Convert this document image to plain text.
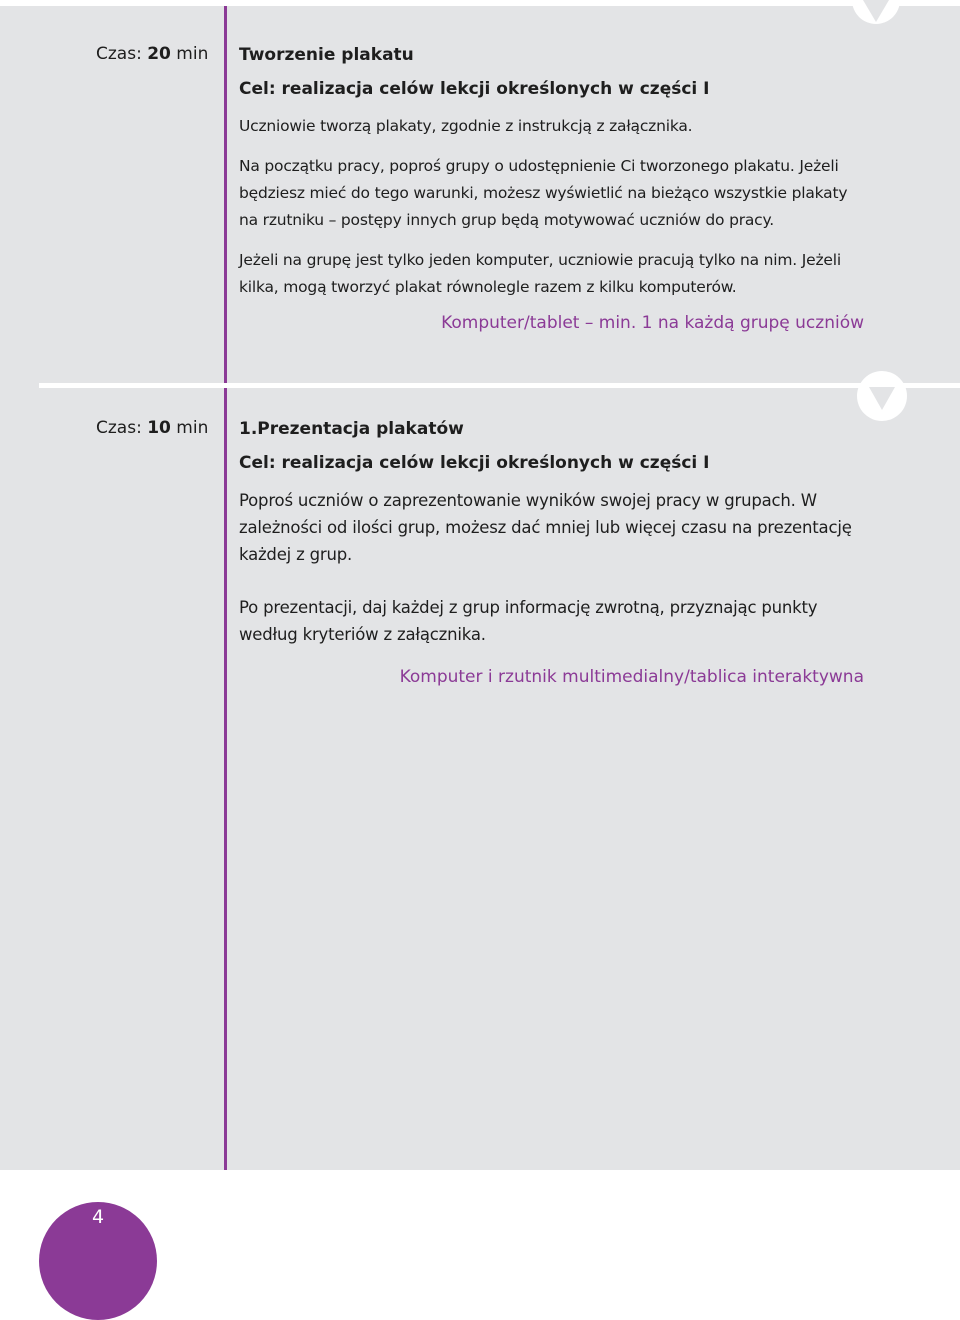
Czas: 20 min Tworzenie plakatu

Cel: realizacja celów lekcji określonych w części I

Uczniowie tworzą plakaty, zgodnie z instrukcją z załącznika.

Na początku pracy, poproś grupy o udostępnienie Ci tworzonego plakatu. Jeżeli będziesz mieć do tego warunki, możesz wyświetlić na bieżąco wszystkie plakaty na rzutniku – postępy innych grup będą motywować uczniów do pracy.

Jeżeli na grupę jest tylko jeden komputer, uczniowie pracują tylko na nim. Jeżeli kilka, mogą tworzyć plakat równolegle razem z kilku komputerów.

Komputer/tablet – min. 1 na każdą grupę uczniów

Czas: 10 min 1.Prezentacja plakatów

Cel: realizacja celów lekcji określonych w części I

Poproś uczniów o zaprezentowanie wyników swojej pracy w grupach. W zależności od ilości grup, możesz dać mniej lub więcej czasu na prezentację każdej z grup.

Po prezentacji, daj każdej z grup informację zwrotną, przyznając punkty według kryteriów z załącznika.

Komputer i rzutnik multimedialny/tablica interaktywna

4
